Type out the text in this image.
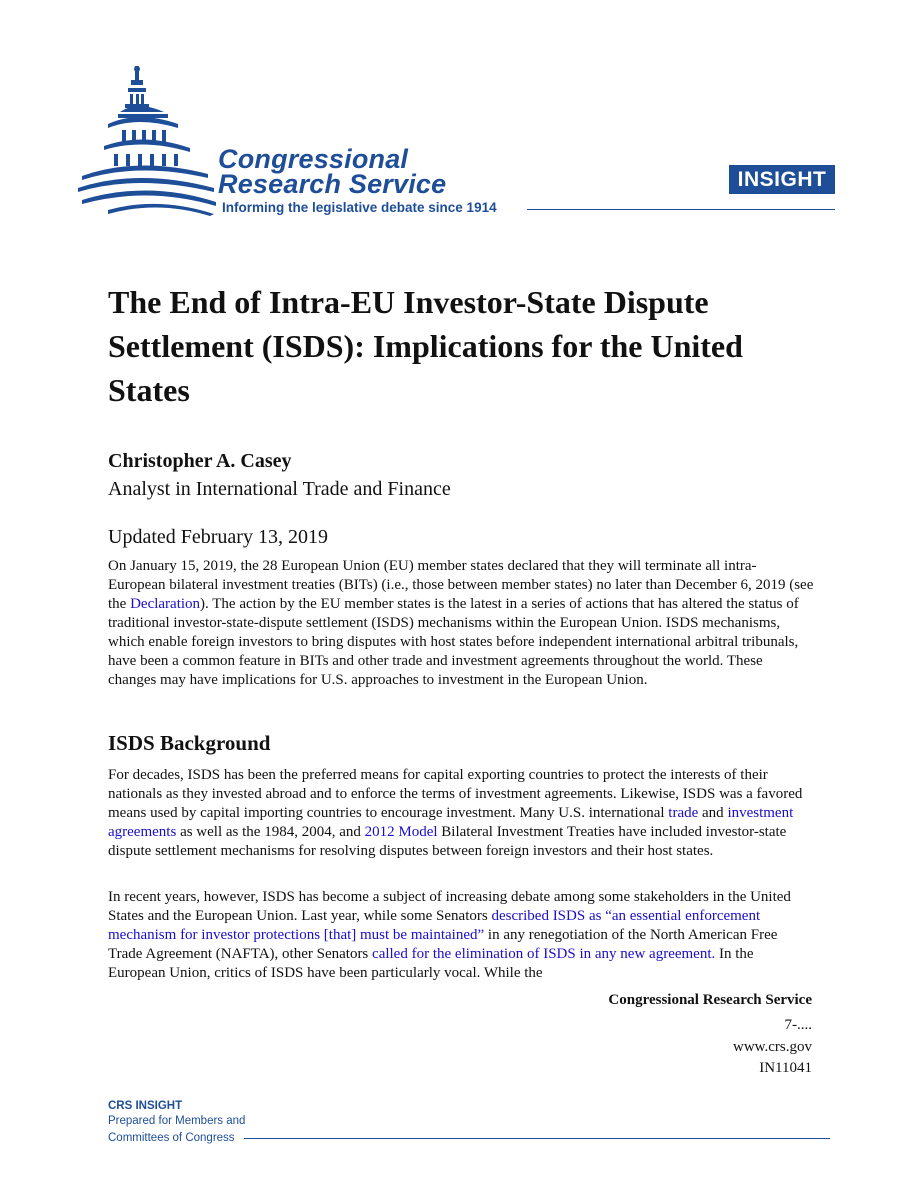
Congressional
Research Service
Informing the legislative debate since 1914
INSIGHT
The End of Intra-EU Investor-State Dispute Settlement (ISDS): Implications for the United States
Christopher A. Casey
Analyst in International Trade and Finance
Updated February 13, 2019
On January 15, 2019, the 28 European Union (EU) member states declared that they will terminate all intra-European bilateral investment treaties (BITs) (i.e., those between member states) no later than December 6, 2019 (see the Declaration). The action by the EU member states is the latest in a series of actions that has altered the status of traditional investor-state-dispute settlement (ISDS) mechanisms within the European Union. ISDS mechanisms, which enable foreign investors to bring disputes with host states before independent international arbitral tribunals, have been a common feature in BITs and other trade and investment agreements throughout the world. These changes may have implications for U.S. approaches to investment in the European Union.
ISDS Background
For decades, ISDS has been the preferred means for capital exporting countries to protect the interests of their nationals as they invested abroad and to enforce the terms of investment agreements. Likewise, ISDS was a favored means used by capital importing countries to encourage investment. Many U.S. international trade and investment agreements as well as the 1984, 2004, and 2012 Model Bilateral Investment Treaties have included investor-state dispute settlement mechanisms for resolving disputes between foreign investors and their host states.
In recent years, however, ISDS has become a subject of increasing debate among some stakeholders in the United States and the European Union. Last year, while some Senators described ISDS as “an essential enforcement mechanism for investor protections [that] must be maintained” in any renegotiation of the North American Free Trade Agreement (NAFTA), other Senators called for the elimination of ISDS in any new agreement. In the European Union, critics of ISDS have been particularly vocal. While the
Congressional Research Service
7-....
www.crs.gov
IN11041
CRS INSIGHT
Prepared for Members and
Committees of Congress
